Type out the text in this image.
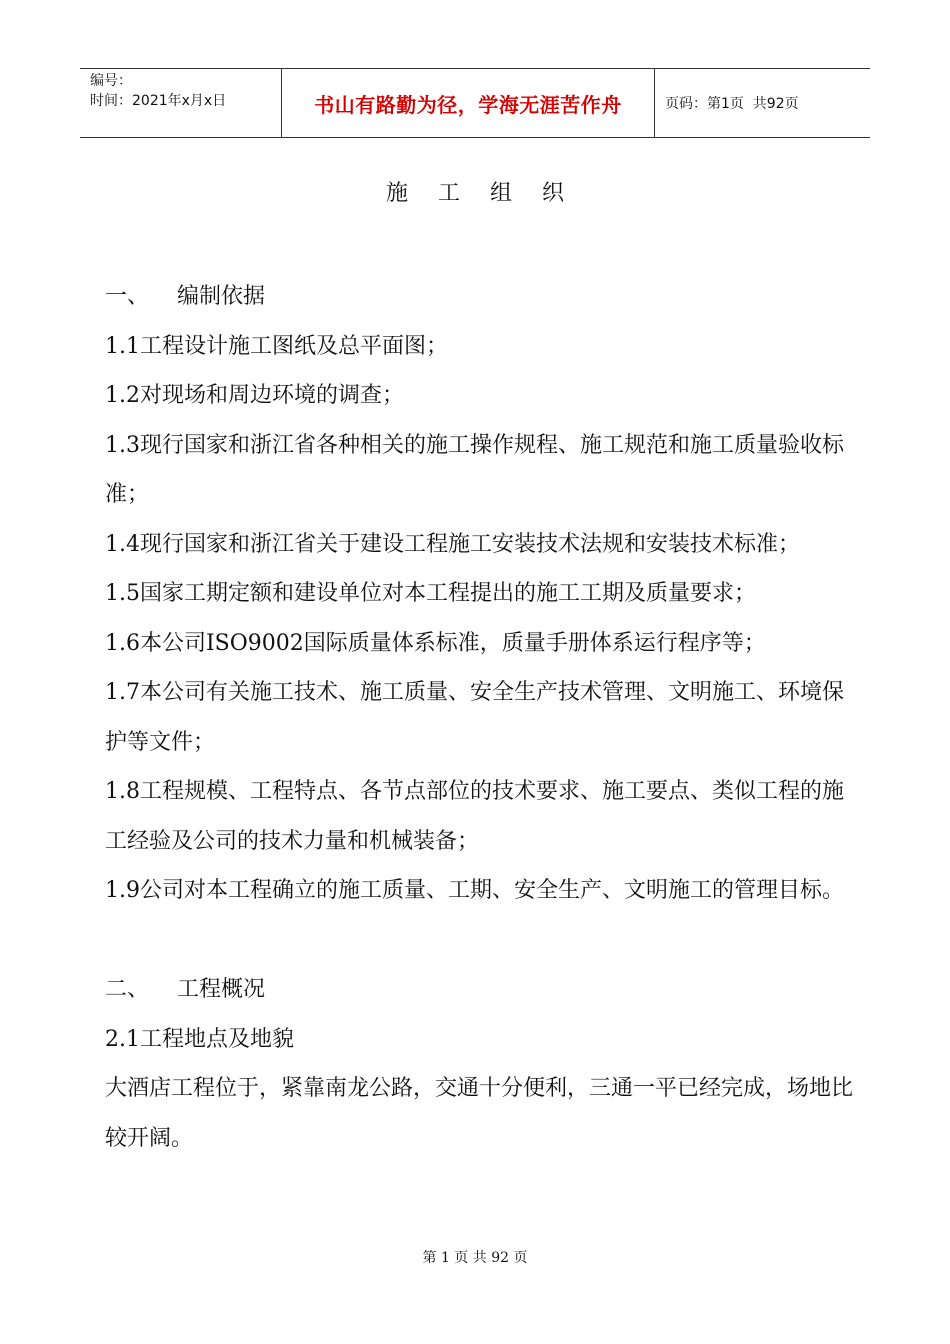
编号：
时间：2021年x月x日	书山有路勤为径，学海无涯苦作舟	页码：第1页  共92页
施 工 组 织

一、    编制依据

1.1工程设计施工图纸及总平面图；

1.2对现场和周边环境的调查；

1.3现行国家和浙江省各种相关的施工操作规程、施工规范和施工质量验收标准；

1.4现行国家和浙江省关于建设工程施工安装技术法规和安装技术标准；

1.5国家工期定额和建设单位对本工程提出的施工工期及质量要求；

1.6本公司ISO9002国际质量体系标准，质量手册体系运行程序等；

1.7本公司有关施工技术、施工质量、安全生产技术管理、文明施工、环境保护等文件；

1.8工程规模、工程特点、各节点部位的技术要求、施工要点、类似工程的施工经验及公司的技术力量和机械装备；

1.9公司对本工程确立的施工质量、工期、安全生产、文明施工的管理目标。

二、    工程概况

2.1工程地点及地貌

大酒店工程位于，紧靠南龙公路，交通十分便利，三通一平已经完成，场地比较开阔。

第 1 页 共 92 页
